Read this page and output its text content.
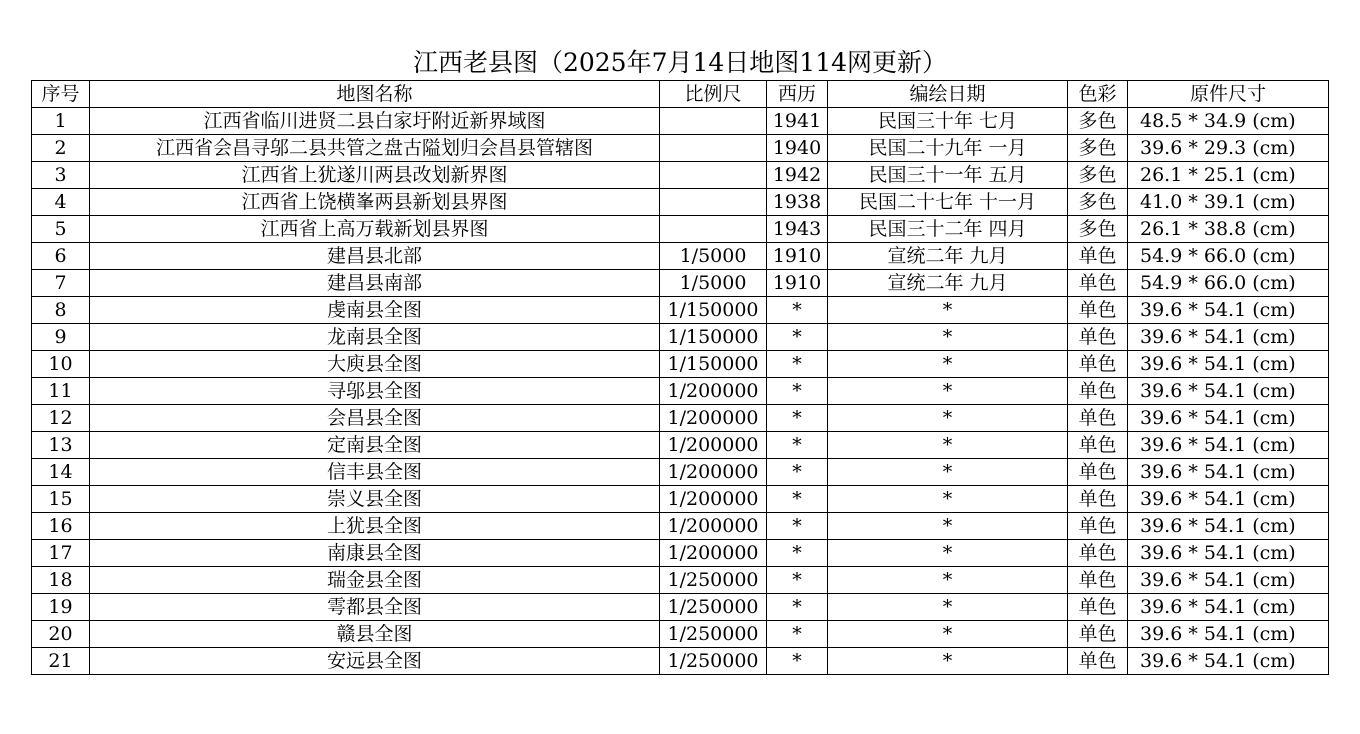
江西老县图（2025年7月14日地图114网更新）
序号	地图名称	比例尺	西历	编绘日期	色彩	原件尺寸
1	江西省临川进贤二县白家圩附近新界域图		1941	民国三十年 七月	多色	48.5 * 34.9 (cm)
2	江西省会昌寻邬二县共管之盘古隘划归会昌县管辖图		1940	民国二十九年 一月	多色	39.6 * 29.3 (cm)
3	江西省上犹遂川两县改划新界图		1942	民国三十一年 五月	多色	26.1 * 25.1 (cm)
4	江西省上饶横峯两县新划县界图		1938	民国二十七年 十一月	多色	41.0 * 39.1 (cm)
5	江西省上高万载新划县界图		1943	民国三十二年 四月	多色	26.1 * 38.8 (cm)
6	建昌县北部	1/5000	1910	宣统二年 九月	单色	54.9 * 66.0 (cm)
7	建昌县南部	1/5000	1910	宣统二年 九月	单色	54.9 * 66.0 (cm)
8	虔南县全图	1/150000	*	*	单色	39.6 * 54.1 (cm)
9	龙南县全图	1/150000	*	*	单色	39.6 * 54.1 (cm)
10	大庾县全图	1/150000	*	*	单色	39.6 * 54.1 (cm)
11	寻邬县全图	1/200000	*	*	单色	39.6 * 54.1 (cm)
12	会昌县全图	1/200000	*	*	单色	39.6 * 54.1 (cm)
13	定南县全图	1/200000	*	*	单色	39.6 * 54.1 (cm)
14	信丰县全图	1/200000	*	*	单色	39.6 * 54.1 (cm)
15	崇义县全图	1/200000	*	*	单色	39.6 * 54.1 (cm)
16	上犹县全图	1/200000	*	*	单色	39.6 * 54.1 (cm)
17	南康县全图	1/200000	*	*	单色	39.6 * 54.1 (cm)
18	瑞金县全图	1/250000	*	*	单色	39.6 * 54.1 (cm)
19	雩都县全图	1/250000	*	*	单色	39.6 * 54.1 (cm)
20	赣县全图	1/250000	*	*	单色	39.6 * 54.1 (cm)
21	安远县全图	1/250000	*	*	单色	39.6 * 54.1 (cm)
